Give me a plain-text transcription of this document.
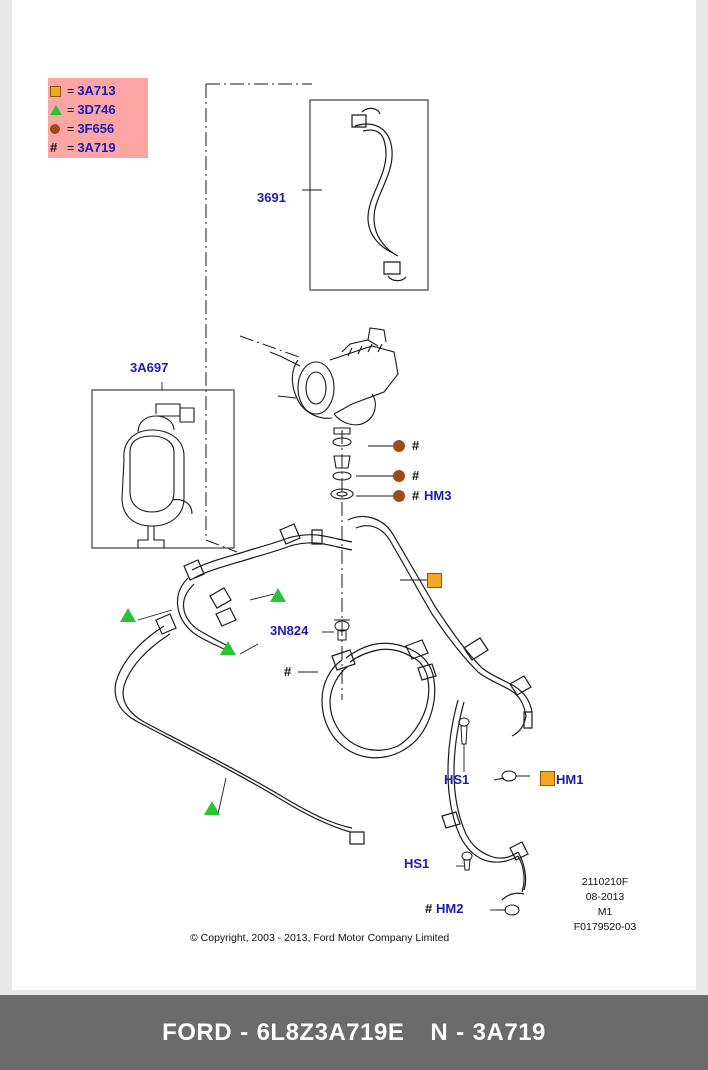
= 3A713
= 3D746
= 3F656
# = 3A719
3691
3A697
3N824
#
#
# HM3
#
HS1	HM1
HS1
# HM2
© Copyright, 2003 - 2013, Ford Motor Company Limited
2110210F
08-2013
M1
F0179520-03
FORD - 6L8Z3A719E N - 3A719
